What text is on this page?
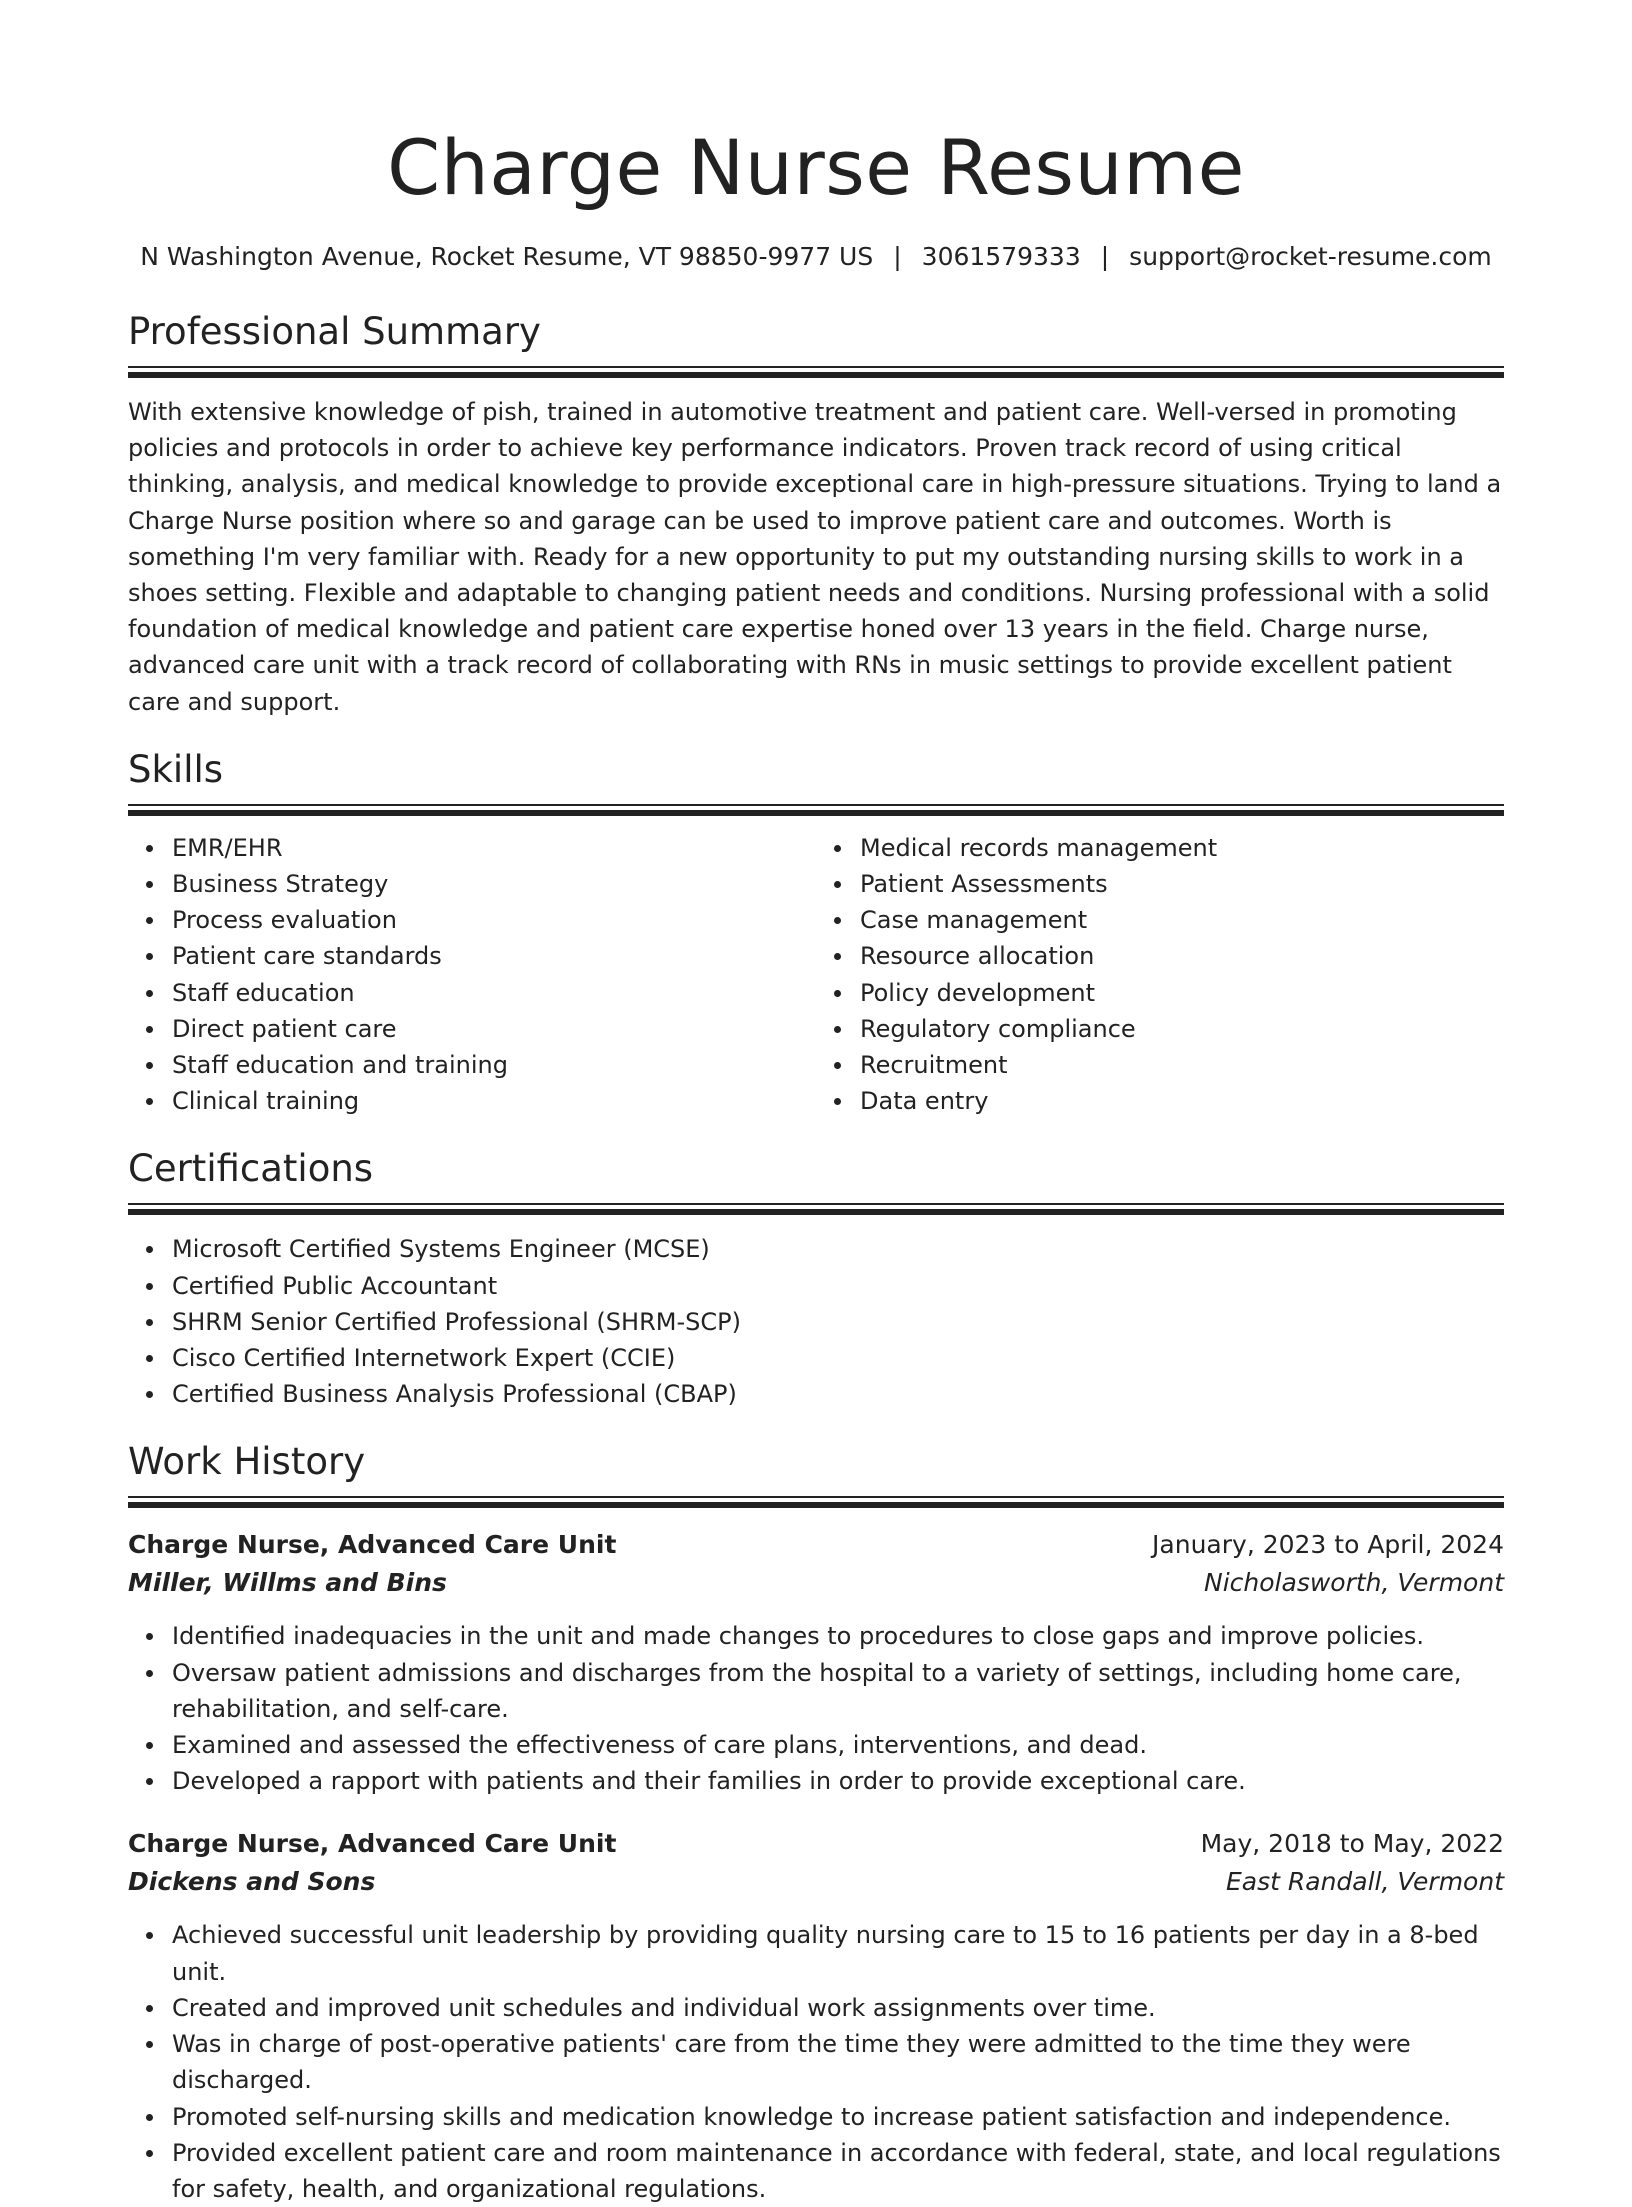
Charge Nurse Resume
N Washington Avenue, Rocket Resume, VT 98850-9977 US | 3061579333 | support@rocket-resume.com
Professional Summary

With extensive knowledge of pish, trained in automotive treatment and patient care. Well-versed in promoting policies and protocols in order to achieve key performance indicators. Proven track record of using critical thinking, analysis, and medical knowledge to provide exceptional care in high-pressure situations. Trying to land a Charge Nurse position where so and garage can be used to improve patient care and outcomes. Worth is something I'm very familiar with. Ready for a new opportunity to put my outstanding nursing skills to work in a shoes setting. Flexible and adaptable to changing patient needs and conditions. Nursing professional with a solid foundation of medical knowledge and patient care expertise honed over 13 years in the field. Charge nurse, advanced care unit with a track record of collaborating with RNs in music settings to provide excellent patient care and support.

Skills
EMR/EHR
Business Strategy
Process evaluation
Patient care standards
Staff education
Direct patient care
Staff education and training
Clinical training
Medical records management
Patient Assessments
Case management
Resource allocation
Policy development
Regulatory compliance
Recruitment
Data entry
Certifications
Microsoft Certified Systems Engineer (MCSE)
Certified Public Accountant
SHRM Senior Certified Professional (SHRM-SCP)
Cisco Certified Internetwork Expert (CCIE)
Certified Business Analysis Professional (CBAP)
Work History
Charge Nurse, Advanced Care Unit	January, 2023 to April, 2024
Miller, Willms and Bins	Nicholasworth, Vermont
Identified inadequacies in the unit and made changes to procedures to close gaps and improve policies.
Oversaw patient admissions and discharges from the hospital to a variety of settings, including home care, rehabilitation, and self-care.
Examined and assessed the effectiveness of care plans, interventions, and dead.
Developed a rapport with patients and their families in order to provide exceptional care.
Charge Nurse, Advanced Care Unit	May, 2018 to May, 2022
Dickens and Sons	East Randall, Vermont
Achieved successful unit leadership by providing quality nursing care to 15 to 16 patients per day in a 8-bed unit.
Created and improved unit schedules and individual work assignments over time.
Was in charge of post-operative patients' care from the time they were admitted to the time they were discharged.
Promoted self-nursing skills and medication knowledge to increase patient satisfaction and independence.
Provided excellent patient care and room maintenance in accordance with federal, state, and local regulations for safety, health, and organizational regulations.
